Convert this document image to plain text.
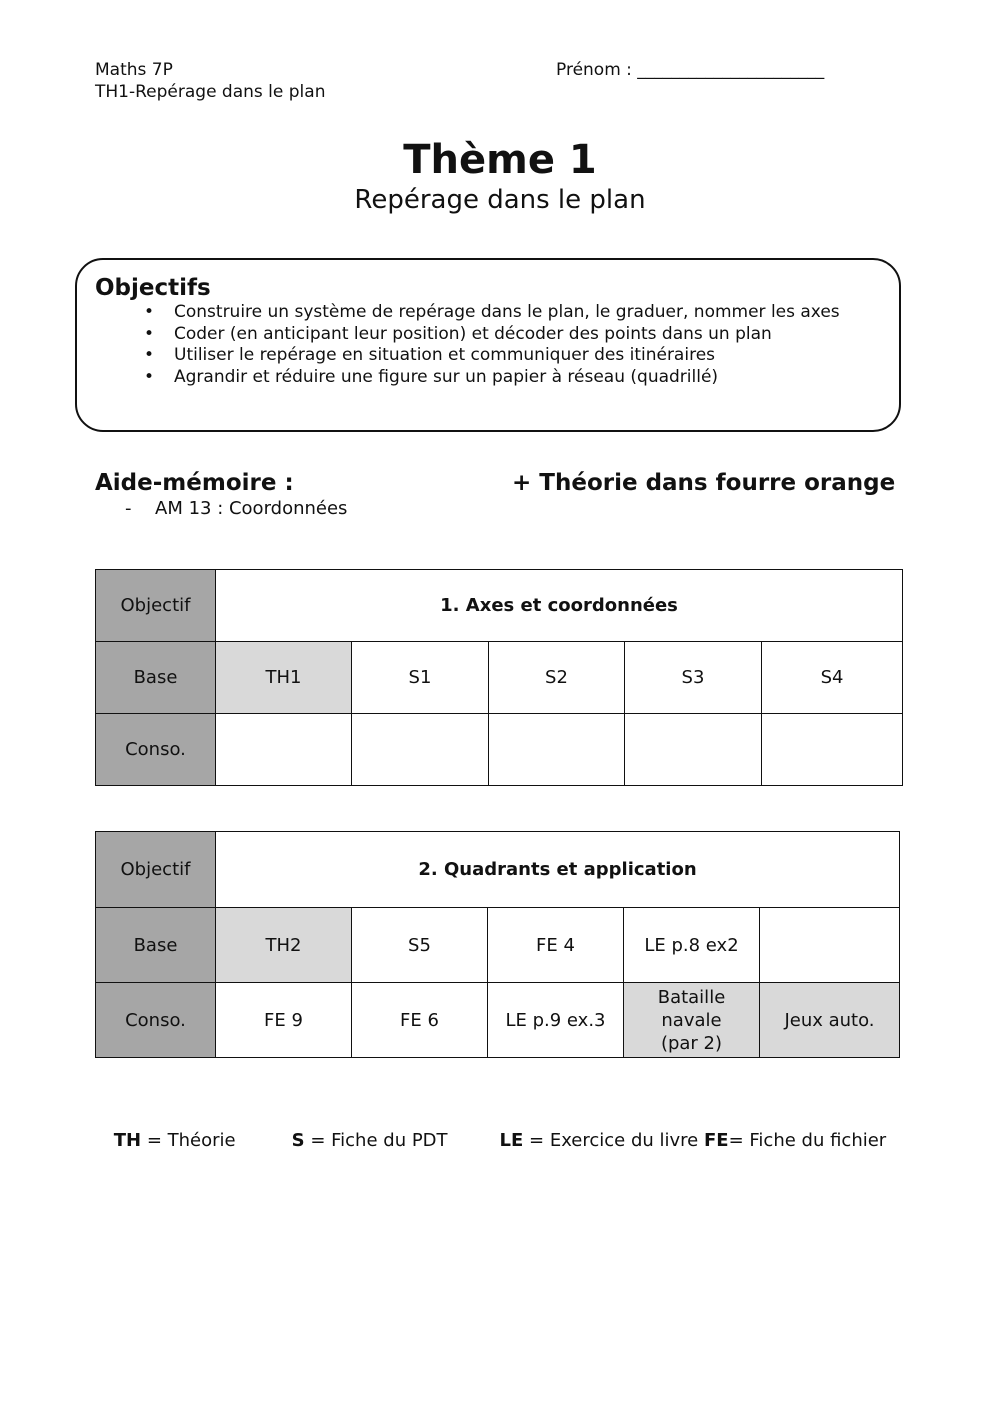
Maths 7P
TH1-Repérage dans le plan
Prénom : ______________________
Thème 1
Repérage dans le plan
Objectifs
• Construire un système de repérage dans le plan, le graduer, nommer les axes
• Coder (en anticipant leur position) et décoder des points dans un plan
• Utiliser le repérage en situation et communiquer des itinéraires
• Agrandir et réduire une figure sur un papier à réseau (quadrillé)
Aide-mémoire :	+ Théorie dans fourre orange
- AM 13 : Coordonnées
Objectif	1. Axes et coordonnées				
Base	TH1	S1	S2	S3	S4
Conso.					
Objectif	2. Quadrants et application				
Base	TH2	S5	FE 4	LE p.8 ex2	
Conso.	FE 9	FE 6	LE p.9 ex.3	Bataille navale (par 2)	Jeux auto.
TH = Théorie	S = Fiche du PDT	LE = Exercice du livre FE= Fiche du fichier
